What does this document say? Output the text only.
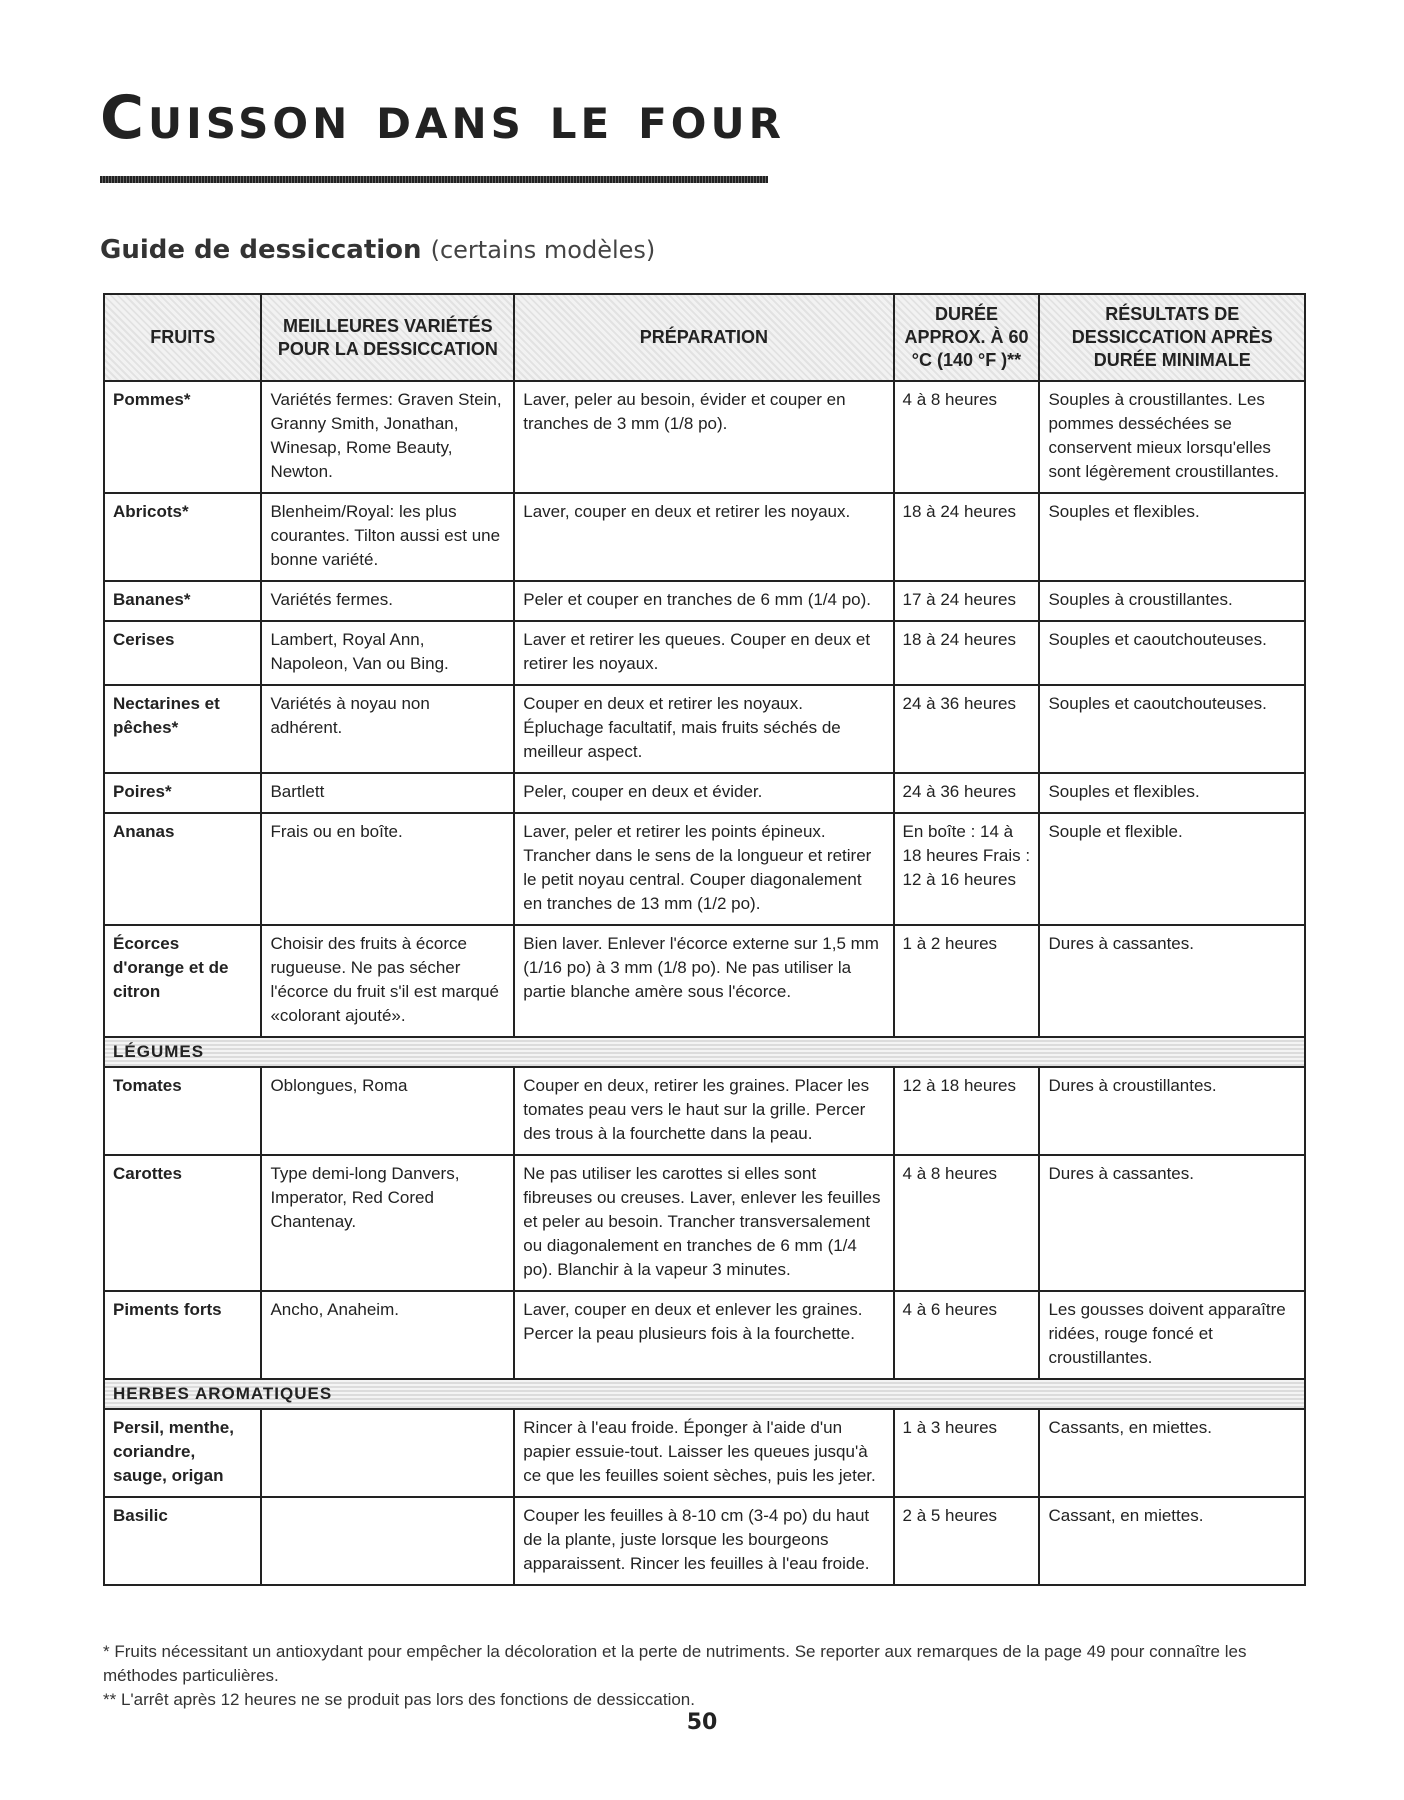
Cuisson dans le four
Guide de dessiccation (certains modèles)
FRUITS	MEILLEURES VARIÉTÉS POUR LA DESSICCATION	PRÉPARATION	DURÉE APPROX. À 60 °C (140 °F )**	RÉSULTATS DE DESSICCATION APRÈS DURÉE MINIMALE
Pommes*	Variétés fermes: Graven Stein, Granny Smith, Jonathan, Winesap, Rome Beauty, Newton.	Laver, peler au besoin, évider et couper en tranches de 3 mm (1/8 po).	4 à 8 heures	Souples à croustillantes. Les pommes desséchées se conservent mieux lorsqu'elles sont légèrement croustillantes.
Abricots*	Blenheim/Royal: les plus courantes. Tilton aussi est une bonne variété.	Laver, couper en deux et retirer les noyaux.	18 à 24 heures	Souples et flexibles.
Bananes*	Variétés fermes.	Peler et couper en tranches de 6 mm (1/4 po).	17 à 24 heures	Souples à croustillantes.
Cerises	Lambert, Royal Ann, Napoleon, Van ou Bing.	Laver et retirer les queues. Couper en deux et retirer les noyaux.	18 à 24 heures	Souples et caoutchouteuses.
Nectarines et pêches*	Variétés à noyau non adhérent.	Couper en deux et retirer les noyaux. Épluchage facultatif, mais fruits séchés de meilleur aspect.	24 à 36 heures	Souples et caoutchouteuses.
Poires*	Bartlett	Peler, couper en deux et évider.	24 à 36 heures	Souples et flexibles.
Ananas	Frais ou en boîte.	Laver, peler et retirer les points épineux. Trancher dans le sens de la longueur et retirer le petit noyau central. Couper diagonalement en tranches de 13 mm (1/2 po).	En boîte : 14 à 18 heures Frais : 12 à 16 heures	Souple et flexible.
Écorces d'orange et de citron	Choisir des fruits à écorce rugueuse. Ne pas sécher l'écorce du fruit s'il est marqué «colorant ajouté».	Bien laver. Enlever l'écorce externe sur 1,5 mm (1/16 po) à 3 mm (1/8 po). Ne pas utiliser la partie blanche amère sous l'écorce.	1 à 2 heures	Dures à cassantes.
LÉGUMES				
Tomates	Oblongues, Roma	Couper en deux, retirer les graines. Placer les tomates peau vers le haut sur la grille. Percer des trous à la fourchette dans la peau.	12 à 18 heures	Dures à croustillantes.
Carottes	Type demi-long Danvers, Imperator, Red Cored Chantenay.	Ne pas utiliser les carottes si elles sont fibreuses ou creuses. Laver, enlever les feuilles et peler au besoin. Trancher transversalement ou diagonalement en tranches de 6 mm (1/4 po). Blanchir à la vapeur 3 minutes.	4 à 8 heures	Dures à cassantes.
Piments forts	Ancho, Anaheim.	Laver, couper en deux et enlever les graines. Percer la peau plusieurs fois à la fourchette.	4 à 6 heures	Les gousses doivent apparaître ridées, rouge foncé et croustillantes.
HERBES AROMATIQUES				
Persil, menthe, coriandre, sauge, origan		Rincer à l'eau froide. Éponger à l'aide d'un papier essuie-tout. Laisser les queues jusqu'à ce que les feuilles soient sèches, puis les jeter.	1 à 3 heures	Cassants, en miettes.
Basilic		Couper les feuilles à 8-10 cm (3-4 po) du haut de la plante, juste lorsque les bourgeons apparaissent. Rincer les feuilles à l'eau froide.	2 à 5 heures	Cassant, en miettes.

* Fruits nécessitant un antioxydant pour empêcher la décoloration et la perte de nutriments. Se reporter aux remarques de la page 49 pour connaître les méthodes particulières.

** L'arrêt après 12 heures ne se produit pas lors des fonctions de dessiccation.

50
